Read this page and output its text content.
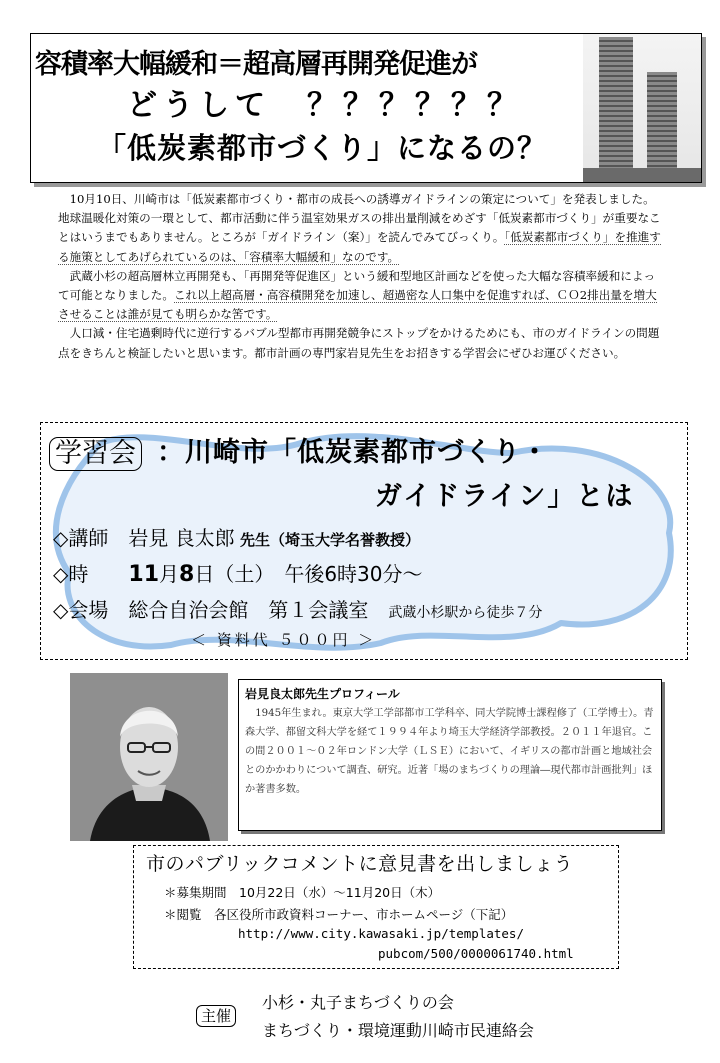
容積率大幅緩和＝超高層再開発促進が
どうして　？？？？？？
「低炭素都市づくり」になるの？

10月10日、川崎市は「低炭素都市づくり・都市の成長への誘導ガイドラインの策定について」を発表しました。地球温暖化対策の一環として、都市活動に伴う温室効果ガスの排出量削減をめざす「低炭素都市づくり」が重要なことはいうまでもありません。ところが「ガイドライン（案）」を読んでみてびっくり。「低炭素都市づくり」を推進する施策としてあげられているのは、「容積率大幅緩和」なのです。

武蔵小杉の超高層林立再開発も、「再開発等促進区」という緩和型地区計画などを使った大幅な容積率緩和によって可能となりました。これ以上超高層・高容積開発を加速し、超過密な人口集中を促進すれば、ＣＯ2排出量を増大させることは誰が見ても明らかな筈です。

人口減・住宅過剰時代に逆行するバブル型都市再開発競争にストップをかけるためにも、市のガイドラインの問題点をきちんと検証したいと思います。都市計画の専門家岩見先生をお招きする学習会にぜひお運びください。

学習会 ：川崎市「低炭素都市づくり・
ガイドライン」とは
◇講師　岩見 良太郎 先生（埼玉大学名誉教授）
◇時　　11月8日（土）　午後6時30分～
◇会場　総合自治会館　第１会議室　 武蔵小杉駅から徒歩７分
＜ 資料代 ５００円 ＞
岩見良太郎先生プロフィール
1945年生まれ。東京大学工学部都市工学科卒、同大学院博士課程修了（工学博士）。青森大学、都留文科大学を経て１９９４年より埼玉大学経済学部教授。２０１１年退官。この間２００１～０２年ロンドン大学（ＬＳＥ）において、イギリスの都市計画と地域社会とのかかわりについて調査、研究。近著「場のまちづくりの理論―現代都市計画批判」ほか著書多数。
市のパブリックコメントに意見書を出しましょう
＊募集期間　10月22日（水）～11月20日（木）
＊閲覧　各区役所市政資料コーナー、市ホームページ（下記）
http://www.city.kawasaki.jp/templates/
pubcom/500/0000061740.html
主催
小杉・丸子まちづくりの会
まちづくり・環境運動川崎市民連絡会
